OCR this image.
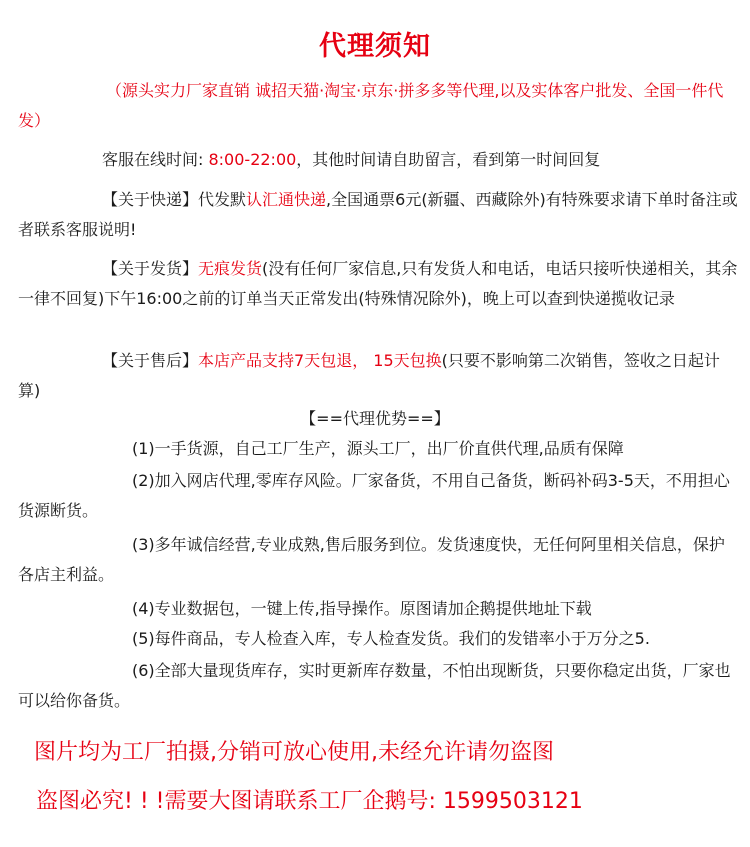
代理须知

（源头实力厂家直销 诚招天猫·淘宝·京东·拼多多等代理,以及实体客户批发、全国一件代发）

客服在线时间: 8:00-22:00，其他时间请自助留言，看到第一时间回复

【关于快递】代发默认汇通快递,全国通票6元(新疆、西藏除外)有特殊要求请下单时备注或者联系客服说明!

【关于发货】无痕发货(没有任何厂家信息,只有发货人和电话，电话只接听快递相关，其余一律不回复)下午16:00之前的订单当天正常发出(特殊情况除外)，晚上可以查到快递揽收记录

【关于售后】本店产品支持7天包退， 15天包换(只要不影响第二次销售，签收之日起计算)

【==代理优势==】

(1)一手货源，自己工厂生产，源头工厂，出厂价直供代理,品质有保障

(2)加入网店代理,零库存风险。厂家备货，不用自己备货，断码补码3-5天，不用担心货源断货。

(3)多年诚信经营,专业成熟,售后服务到位。发货速度快，无任何阿里相关信息，保护各店主利益。

(4)专业数据包，一键上传,指导操作。原图请加企鹅提供地址下载

(5)每件商品，专人检查入库，专人检查发货。我们的发错率小于万分之5.

(6)全部大量现货库存，实时更新库存数量，不怕出现断货，只要你稳定出货，厂家也可以给你备货。

图片均为工厂拍摄,分销可放心使用,未经允许请勿盗图

盗图必究! ! !需要大图请联系工厂企鹅号: 1599503121
